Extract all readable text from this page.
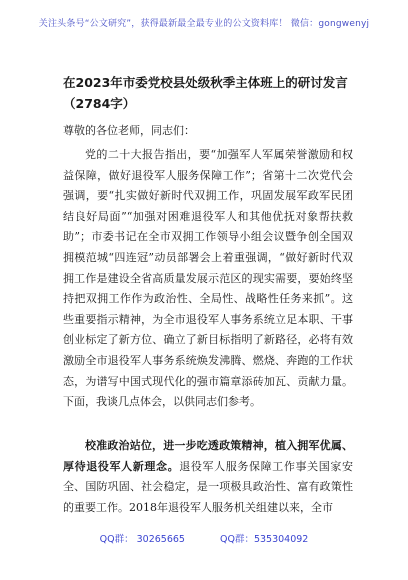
关注头条号“公文研究”，获得最新最全最专业的公文资料库！ 微信：gongwenyj
在2023年市委党校县处级秋季主体班上的研讨发言（2784字）

尊敬的各位老师，同志们：

党的二十大报告指出，要“加强军人军属荣誉激励和权益保障，做好退役军人服务保障工作”；省第十二次党代会强调，要“扎实做好新时代双拥工作，巩固发展军政军民团结良好局面”“加强对困难退役军人和其他优抚对象帮扶救助”；市委书记在全市双拥工作领导小组会议暨争创全国双拥模范城“四连冠”动员部署会上着重强调，“做好新时代双拥工作是建设全省高质量发展示范区的现实需要，要始终坚持把双拥工作作为政治性、全局性、战略性任务来抓”。这些重要指示精神，为全市退役军人事务系统立足本职、干事创业标定了新方位、确立了新目标指明了新路径，必将有效激励全市退役军人事务系统焕发沸腾、燃烧、奔跑的工作状态，为谱写中国式现代化的强市篇章添砖加瓦、贡献力量。下面，我谈几点体会，以供同志们参考。

校准政治站位，进一步吃透政策精神，植入拥军优属、厚待退役军人新理念。退役军人服务保障工作事关国家安全、国防巩固、社会稳定，是一项极具政治性、富有政策性的重要工作。2018年退役军人服务机关组建以来，全市

QQ群： 30265665	QQ群：535304092
